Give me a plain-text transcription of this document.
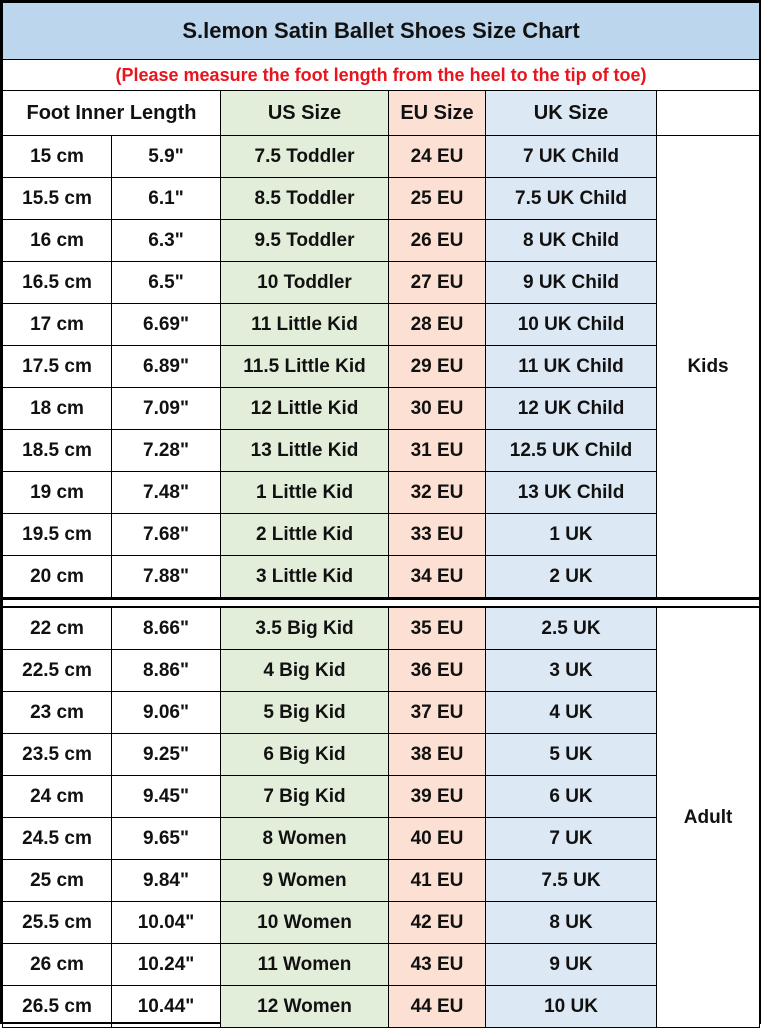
S.lemon Satin Ballet Shoes Size Chart					
(Please measure the foot length from the heel to the tip of toe)					
Foot Inner Length		US Size	EU Size	UK Size	
15 cm	5.9"	7.5 Toddler	24 EU	7 UK Child	Kids
15.5 cm	6.1"	8.5 Toddler	25 EU	7.5 UK Child	
16 cm	6.3"	9.5 Toddler	26 EU	8 UK Child	
16.5 cm	6.5"	10 Toddler	27 EU	9 UK Child	
17 cm	6.69"	11 Little Kid	28 EU	10 UK Child	
17.5 cm	6.89"	11.5 Little Kid	29 EU	11 UK Child	
18 cm	7.09"	12 Little Kid	30 EU	12 UK Child	
18.5 cm	7.28"	13 Little Kid	31 EU	12.5 UK Child	
19 cm	7.48"	1 Little Kid	32 EU	13 UK Child	
19.5 cm	7.68"	2 Little Kid	33 EU	1 UK	
20 cm	7.88"	3 Little Kid	34 EU	2 UK	

22 cm	8.66"	3.5 Big Kid	35 EU	2.5 UK	Adult
22.5 cm	8.86"	4 Big Kid	36 EU	3 UK	
23 cm	9.06"	5 Big Kid	37 EU	4 UK	
23.5 cm	9.25"	6 Big Kid	38 EU	5 UK	
24 cm	9.45"	7 Big Kid	39 EU	6 UK	
24.5 cm	9.65"	8 Women	40 EU	7 UK	
25 cm	9.84"	9 Women	41 EU	7.5 UK	
25.5 cm	10.04"	10 Women	42 EU	8 UK	
26 cm	10.24"	11 Women	43 EU	9 UK	
26.5 cm	10.44"	12 Women	44 EU	10 UK	
